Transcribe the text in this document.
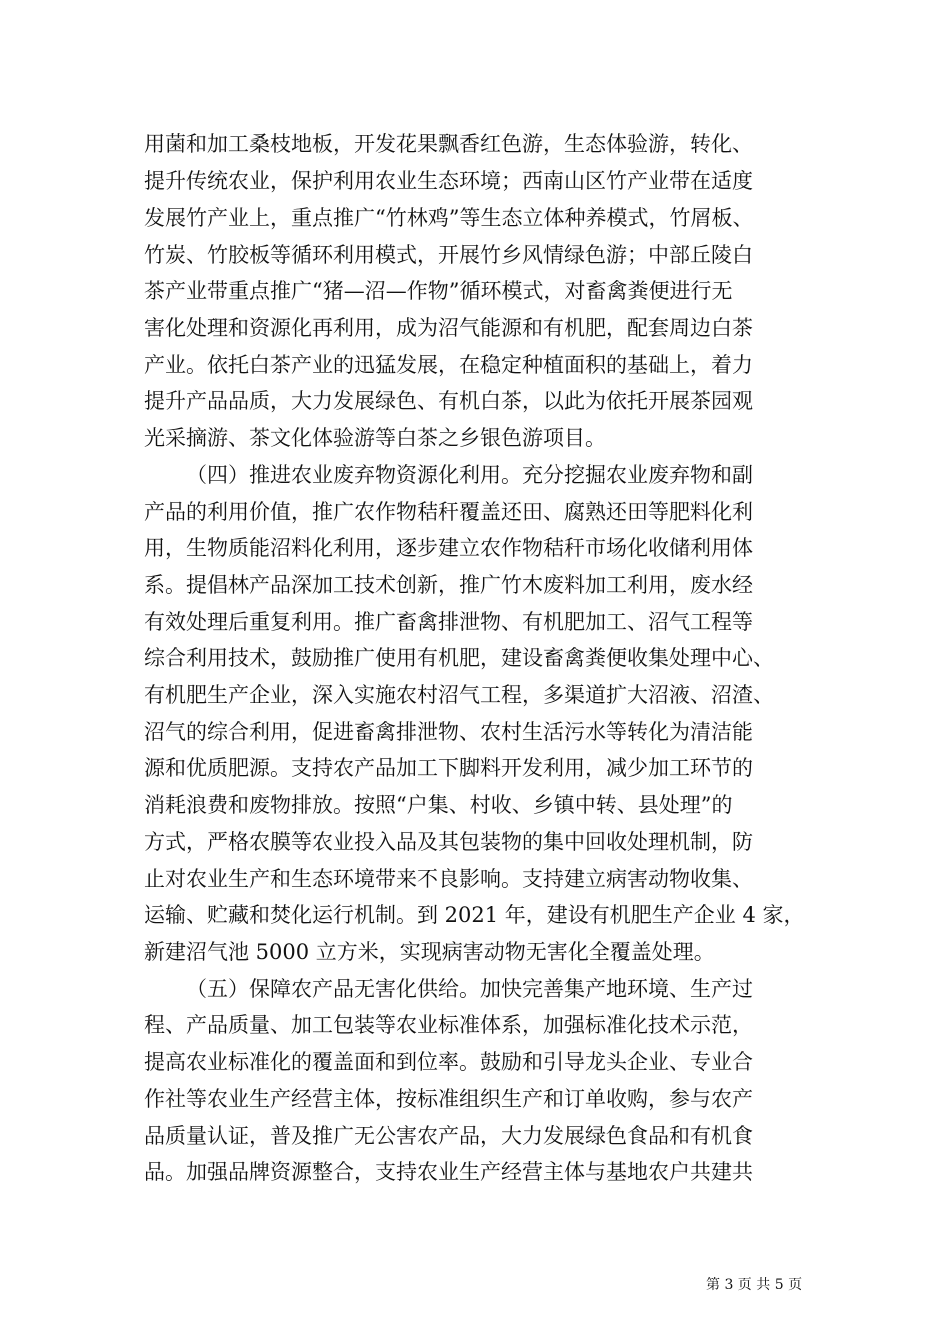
用菌和加工桑枝地板，开发花果飘香红色游，生态体验游，转化、
提升传统农业，保护利用农业生态环境；西南山区竹产业带在适度
发展竹产业上，重点推广“竹林鸡”等生态立体种养模式，竹屑板、
竹炭、竹胶板等循环利用模式，开展竹乡风情绿色游；中部丘陵白
茶产业带重点推广“猪—沼—作物”循环模式，对畜禽粪便进行无
害化处理和资源化再利用，成为沼气能源和有机肥，配套周边白茶
产业。依托白茶产业的迅猛发展，在稳定种植面积的基础上，着力
提升产品品质，大力发展绿色、有机白茶，以此为依托开展茶园观
光采摘游、茶文化体验游等白茶之乡银色游项目。
（四）推进农业废弃物资源化利用。充分挖掘农业废弃物和副
产品的利用价值，推广农作物秸秆覆盖还田、腐熟还田等肥料化利
用，生物质能沼料化利用，逐步建立农作物秸秆市场化收储利用体
系。提倡林产品深加工技术创新，推广竹木废料加工利用，废水经
有效处理后重复利用。推广畜禽排泄物、有机肥加工、沼气工程等
综合利用技术，鼓励推广使用有机肥，建设畜禽粪便收集处理中心、
有机肥生产企业，深入实施农村沼气工程，多渠道扩大沼液、沼渣、
沼气的综合利用，促进畜禽排泄物、农村生活污水等转化为清洁能
源和优质肥源。支持农产品加工下脚料开发利用，减少加工环节的
消耗浪费和废物排放。按照“户集、村收、乡镇中转、县处理”的
方式，严格农膜等农业投入品及其包装物的集中回收处理机制，防
止对农业生产和生态环境带来不良影响。支持建立病害动物收集、
运输、贮藏和焚化运行机制。到 2021 年，建设有机肥生产企业 4 家，
新建沼气池 5000 立方米，实现病害动物无害化全覆盖处理。
（五）保障农产品无害化供给。加快完善集产地环境、生产过
程、产品质量、加工包装等农业标准体系，加强标准化技术示范，
提高农业标准化的覆盖面和到位率。鼓励和引导龙头企业、专业合
作社等农业生产经营主体，按标准组织生产和订单收购，参与农产
品质量认证，普及推广无公害农产品，大力发展绿色食品和有机食
品。加强品牌资源整合，支持农业生产经营主体与基地农户共建共
第 3 页 共 5 页
